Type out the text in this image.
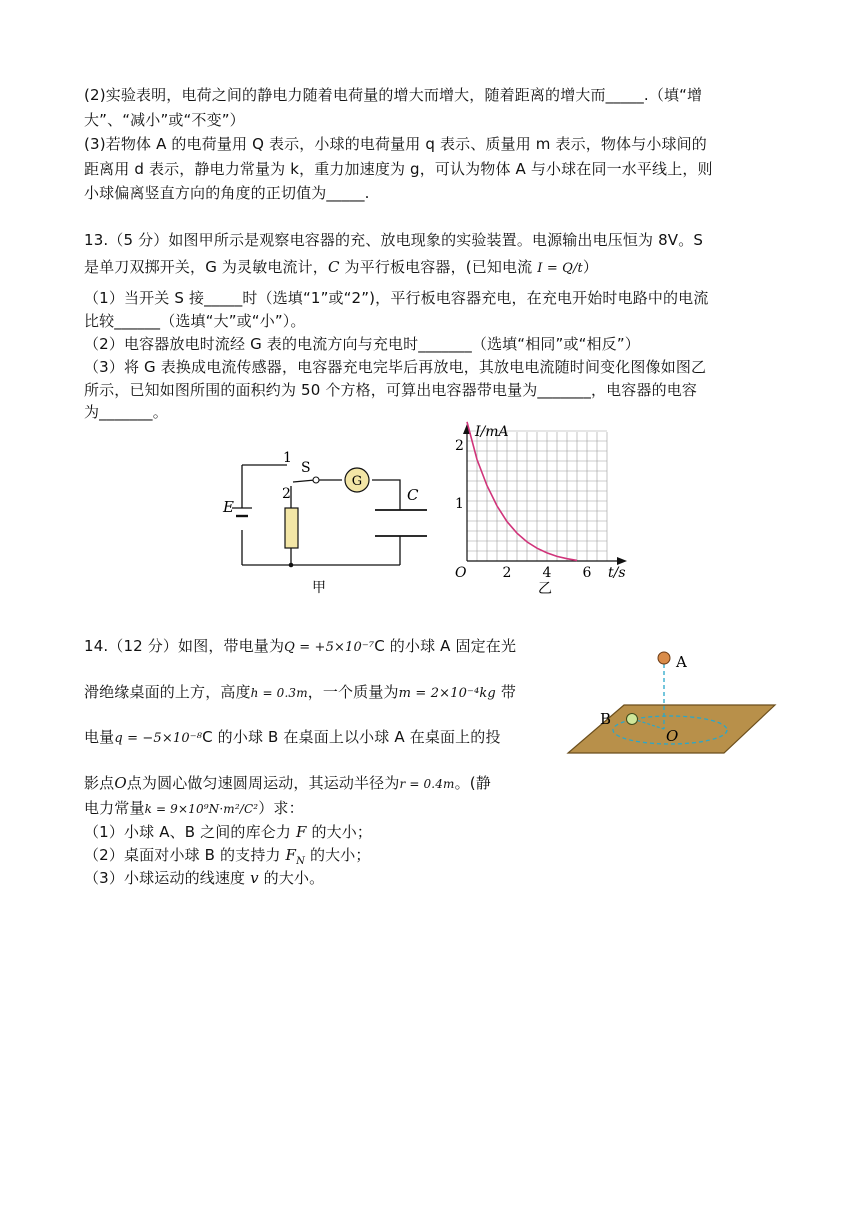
(2)实验表明，电荷之间的静电力随着电荷量的增大而增大，随着距离的增大而_____.（填“增
大”、“减小”或“不变”）
(3)若物体 A 的电荷量用 Q 表示，小球的电荷量用 q 表示、质量用 m 表示，物体与小球间的
距离用 d 表示，静电力常量为 k，重力加速度为 g，可认为物体 A 与小球在同一水平线上，则
小球偏离竖直方向的角度的正切值为_____.
13.（5 分）如图甲所示是观察电容器的充、放电现象的实验装置。电源输出电压恒为 8V。S
是单刀双掷开关，G 为灵敏电流计，C 为平行板电容器，(已知电流 I = Q/t）
（1）当开关 S 接_____时（选填“1”或“2”)，平行板电容器充电，在充电开始时电路中的电流
比较______（选填“大”或“小”）。
（2）电容器放电时流经 G 表的电流方向与充电时_______（选填“相同”或“相反”）
（3）将 G 表换成电流传感器，电容器充电完毕后再放电，其放电电流随时间变化图像如图乙
所示，已知如图所围的面积约为 50 个方格，可算出电容器带电量为_______，电容器的电容
为_______。
G
1
2
S
C
E
甲
2 4 6
1
2
I/mA
t/s
O
乙
14.（12 分）如图，带电量为Q = +5×10⁻⁷C 的小球 A 固定在光
滑绝缘桌面的上方，高度h = 0.3m，一个质量为m = 2×10⁻⁴kg 带
电量q = −5×10⁻⁸C 的小球 B 在桌面上以小球 A 在桌面上的投
影点O点为圆心做匀速圆周运动，其运动半径为r = 0.4m。(静
电力常量k = 9×10⁹N·m²/C²）求：
（1）小球 A、B 之间的库仑力 F 的大小；
（2）桌面对小球 B 的支持力 $F_N$ 的大小；
（3）小球运动的线速度 v 的大小。
A
B
O
